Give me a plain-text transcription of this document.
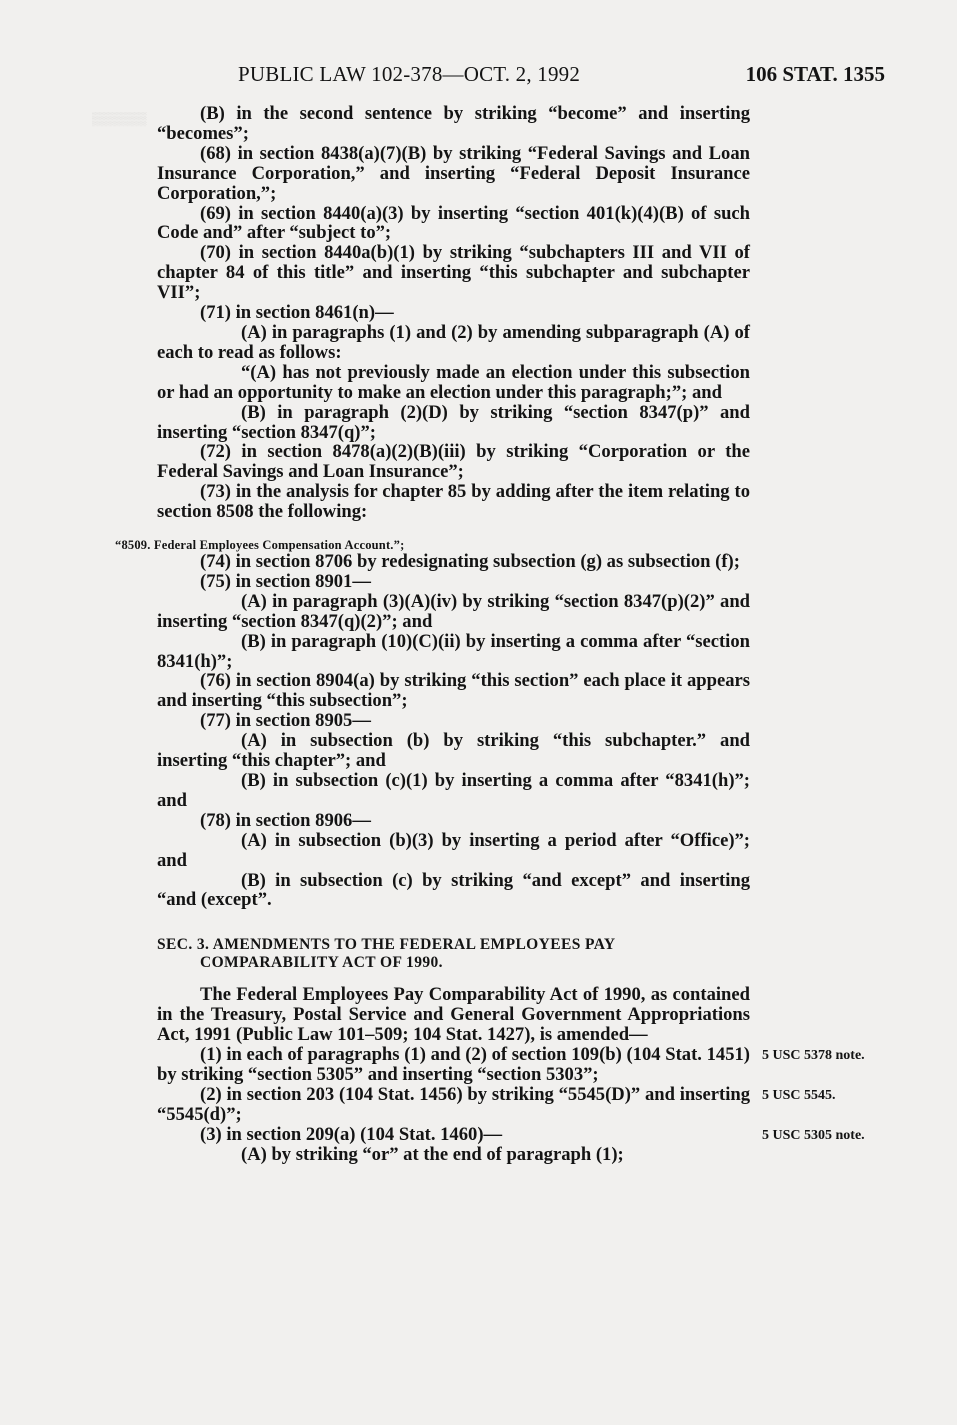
▒▒▒▒▒▒▒
PUBLIC LAW 102-378—OCT. 2, 1992	106 STAT. 1355

(B) in the second sentence by striking “become” and inserting “becomes”;

(68) in section 8438(a)(7)(B) by striking “Federal Savings and Loan Insurance Corporation,” and inserting “Federal Deposit Insurance Corporation,”;

(69) in section 8440(a)(3) by inserting “section 401(k)(4)(B) of such Code and” after “subject to”;

(70) in section 8440a(b)(1) by striking “subchapters III and VII of chapter 84 of this title” and inserting “this subchapter and subchapter VII”;

(71) in section 8461(n)—

(A) in paragraphs (1) and (2) by amending subparagraph (A) of each to read as follows:

“(A) has not previously made an election under this subsection or had an opportunity to make an election under this paragraph;”; and

(B) in paragraph (2)(D) by striking “section 8347(p)” and inserting “section 8347(q)”;

(72) in section 8478(a)(2)(B)(iii) by striking “Corporation or the Federal Savings and Loan Insurance”;

(73) in the analysis for chapter 85 by adding after the item relating to section 8508 the following:

“8509. Federal Employees Compensation Account.”;

(74) in section 8706 by redesignating subsection (g) as subsection (f);

(75) in section 8901—

(A) in paragraph (3)(A)(iv) by striking “section 8347(p)(2)” and inserting “section 8347(q)(2)”; and

(B) in paragraph (10)(C)(ii) by inserting a comma after “section 8341(h)”;

(76) in section 8904(a) by striking “this section” each place it appears and inserting “this subsection”;

(77) in section 8905—

(A) in subsection (b) by striking “this subchapter.” and inserting “this chapter”; and

(B) in subsection (c)(1) by inserting a comma after “8341(h)”; and

(78) in section 8906—

(A) in subsection (b)(3) by inserting a period after “Office)”; and

(B) in subsection (c) by striking “and except” and inserting “and (except”.

SEC. 3. AMENDMENTS TO THE FEDERAL EMPLOYEES PAY COMPARABILITY ACT OF 1990.

The Federal Employees Pay Comparability Act of 1990, as contained in the Treasury, Postal Service and General Government Appropriations Act, 1991 (Public Law 101–509; 104 Stat. 1427), is amended—

(1) in each of paragraphs (1) and (2) of section 109(b) (104 Stat. 1451) by striking “section 5305” and inserting “section 5303”;

(2) in section 203 (104 Stat. 1456) by striking “5545(D)” and inserting “5545(d)”;

(3) in section 209(a) (104 Stat. 1460)—

(A) by striking “or” at the end of paragraph (1);

5 USC 5378 note.
5 USC 5545.
5 USC 5305 note.
